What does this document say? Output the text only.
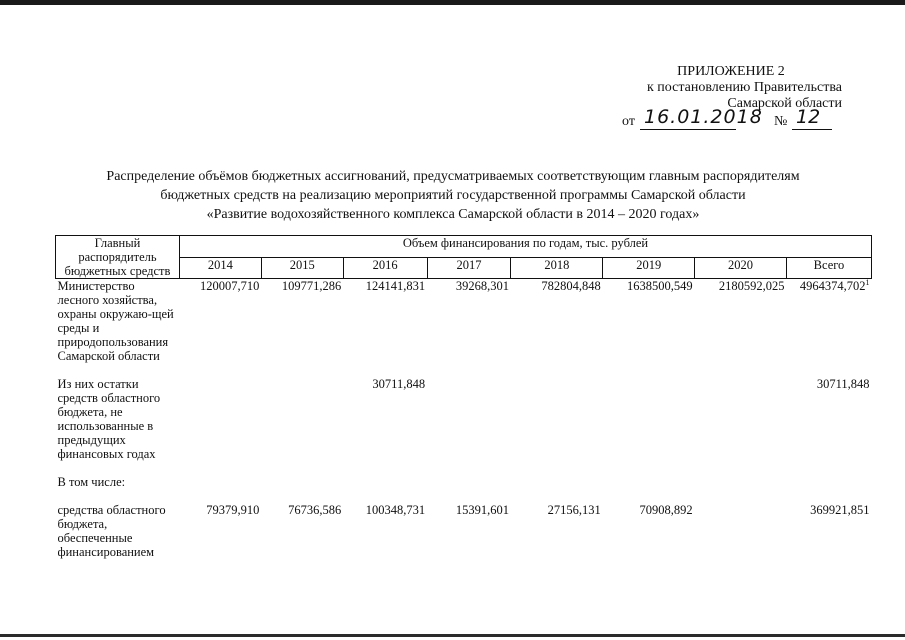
ПРИЛОЖЕНИЕ 2
к постановлению Правительства
Самарской области
от 16.01.2018 № 12
Распределение объёмов бюджетных ассигнований, предусматриваемых соответствующим главным распорядителям
бюджетных средств на реализацию мероприятий государственной программы Самарской области
«Развитие водохозяйственного комплекса Самарской области в 2014 – 2020 годах»
Главный распорядитель бюджетных средств	Объем финансирования по годам, тыс. рублей							
	2014	2015	2016	2017	2018	2019	2020	Всего
Министерство лесного хозяйства, охраны окружаю-щей среды и природопользования Самарской области	120007,710	109771,286	124141,831	39268,301	782804,848	1638500,549	2180592,025	4964374,702$^1$

Из них остатки средств областного бюджета, не использованные в предыдущих финансовых годах			30711,848					30711,848

В том числе:								

средства областного бюджета, обеспеченные финансированием	79379,910	76736,586	100348,731	15391,601	27156,131	70908,892		369921,851
